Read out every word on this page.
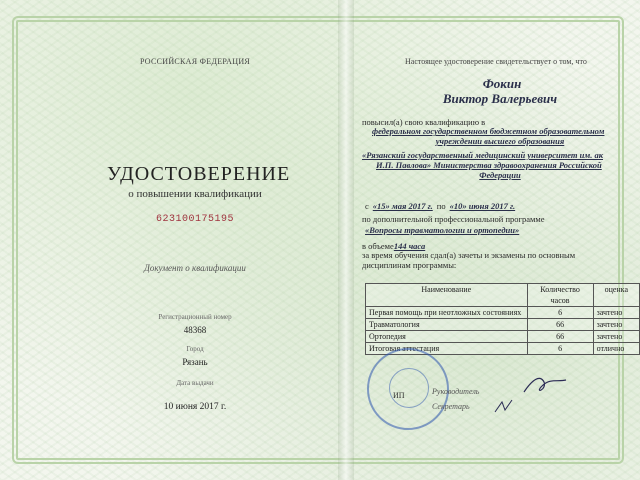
РОССИЙСКАЯ ФЕДЕРАЦИЯ
УДОСТОВЕРЕНИЕ
о повышении квалификации
623100175195
Документ о квалификации
Регистрационный номер
48368
Город
Рязань
Дата выдачи
10 июня 2017 г.
Настоящее удостоверение свидетельствует о том, что
Фокин
Виктор Валерьевич
повысил(а) свою квалификацию в
федеральном государственном бюджетном образовательном
учреждении высшего образования
«Рязанский государственный медицинский университет им. ак
И.П. Павлова» Министерства здравоохранения Российской
Федерации
с «15» мая 2017 г. по «10» июня 2017 г.
по дополнительной профессиональной программе
«Вопросы травматологии и ортопедии»
в объеме144 часа
за время обучения сдал(а) зачеты и экзамены по основным
дисциплинам программы:
Наименование	Количество часов	оценка
Первая помощь при неотложных состояниях	6	зачтено
Травматология	66	зачтено
Ортопедия	66	зачтено
Итоговая аттестация	6	отлично
ИП	Руководитель
Секретарь
